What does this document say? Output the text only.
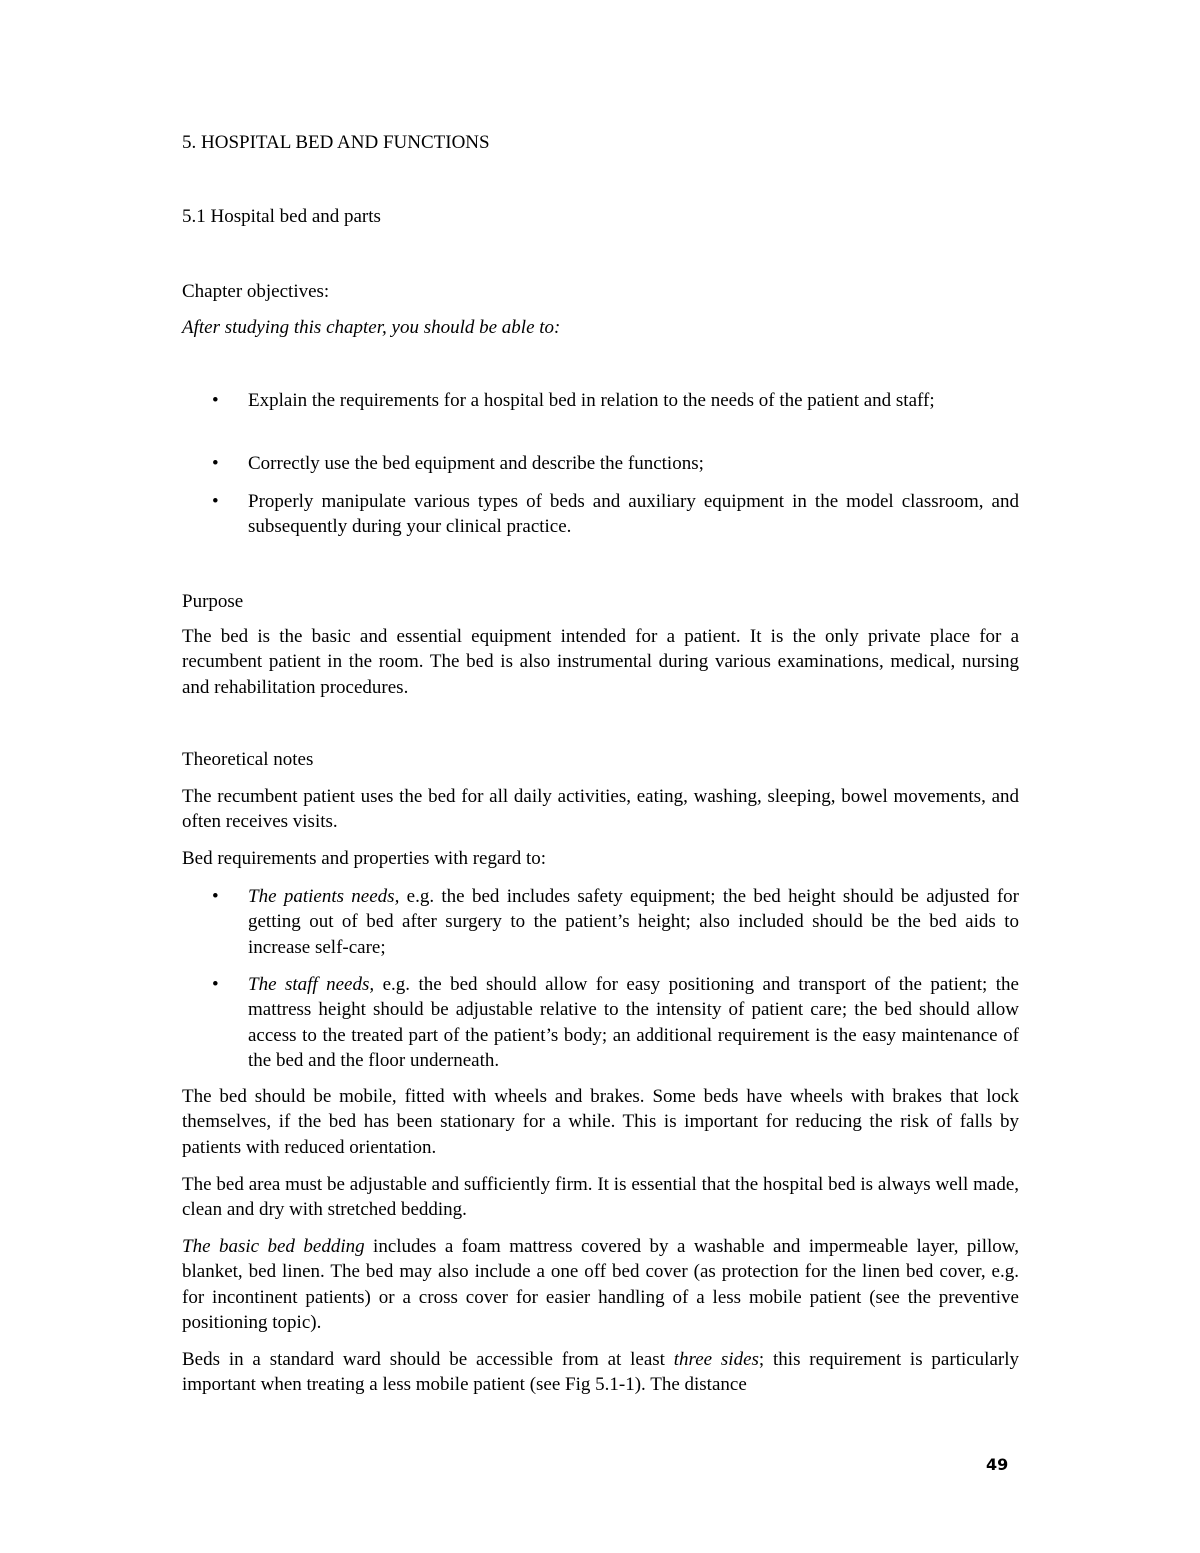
5. HOSPITAL BED AND FUNCTIONS
5.1 Hospital bed and parts
Chapter objectives:
After studying this chapter, you should be able to:
•	Explain the requirements for a hospital bed in relation to the needs of the patient and staff;

•	Correctly use the bed equipment and describe the functions;

•	Properly manipulate various types of beds and auxiliary equipment in the model classroom, and subsequently during your clinical practice.

Purpose

The bed is the basic and essential equipment intended for a patient. It is the only private place for a recumbent patient in the room. The bed is also instrumental during various examinations, medical, nursing and rehabilitation procedures.

Theoretical notes

The recumbent patient uses the bed for all daily activities, eating, washing, sleeping, bowel movements, and often receives visits.

Bed requirements and properties with regard to:

•	The patients needs, e.g. the bed includes safety equipment; the bed height should be adjusted for getting out of bed after surgery to the patient’s height; also included should be the bed aids to increase self-care;

•	The staff needs, e.g. the bed should allow for easy positioning and transport of the patient; the mattress height should be adjustable relative to the intensity of patient care; the bed should allow access to the treated part of the patient’s body; an additional requirement is the easy maintenance of the bed and the floor underneath.

The bed should be mobile, fitted with wheels and brakes. Some beds have wheels with brakes that lock themselves, if the bed has been stationary for a while. This is important for reducing the risk of falls by patients with reduced orientation.

The bed area must be adjustable and sufficiently firm. It is essential that the hospital bed is always well made, clean and dry with stretched bedding.

The basic bed bedding includes a foam mattress covered by a washable and impermeable layer, pillow, blanket, bed linen. The bed may also include a one off bed cover (as protection for the linen bed cover, e.g. for incontinent patients) or a cross cover for easier handling of a less mobile patient (see the preventive positioning topic).

Beds in a standard ward should be accessible from at least three sides; this requirement is particularly important when treating a less mobile patient (see Fig 5.1-1). The distance

49
